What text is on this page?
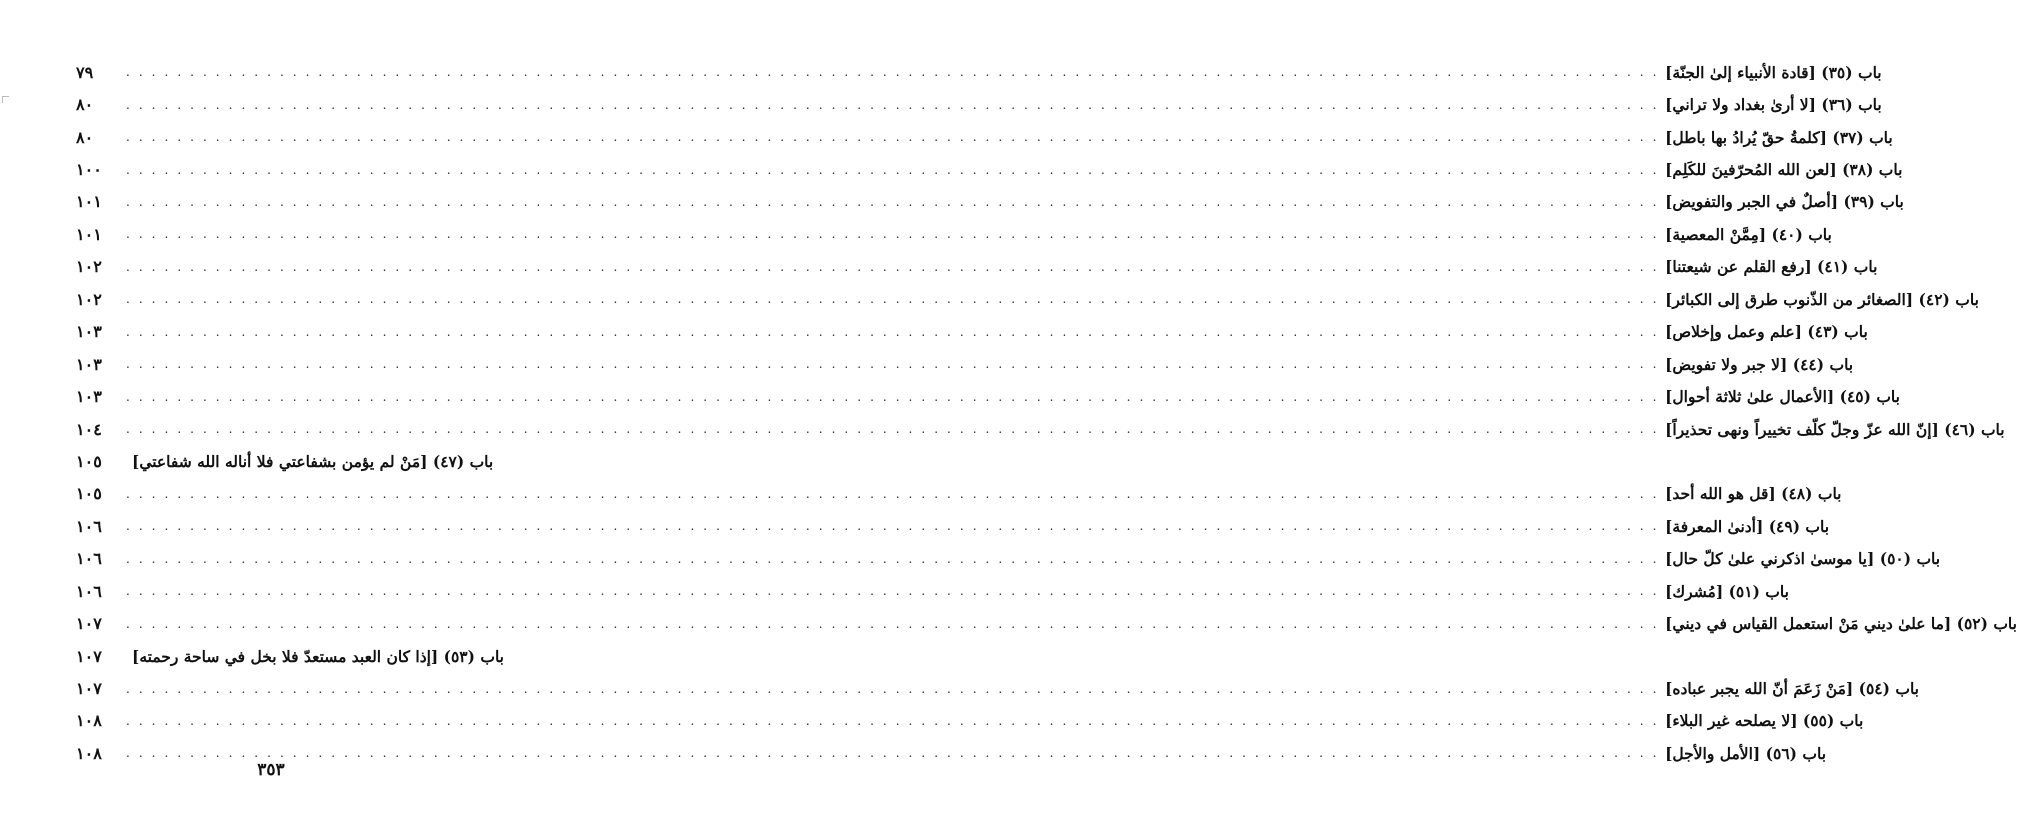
٧٩	. . . . . . . . . . . . . . . . . . . . . . . . . . . . . . . . . . . . . . . . . . . . . . . . . . . . . . . . . . . . . . . . . . . . . . . . . . . . . . . . . . . . . . . . . . . . . . . . . . . . . . . . . . . . . . . . . . . . . . . . باب (٣٥) [قادة الأنبياء إلىٰ الجنّة]
٨٠	. . . . . . . . . . . . . . . . . . . . . . . . . . . . . . . . . . . . . . . . . . . . . . . . . . . . . . . . . . . . . . . . . . . . . . . . . . . . . . . . . . . . . . . . . . . . . . . . . . . . . . . . . . . . . . . . . . . . . . . . باب (٣٦) [لا أرىٰ بغداد ولا تراني]
٨٠	. . . . . . . . . . . . . . . . . . . . . . . . . . . . . . . . . . . . . . . . . . . . . . . . . . . . . . . . . . . . . . . . . . . . . . . . . . . . . . . . . . . . . . . . . . . . . . . . . . . . . . . . . . . . . . . . . . . . . . . . باب (٣٧) [كلمةُ حقّ يُرادُ بها باطل]
١٠٠	. . . . . . . . . . . . . . . . . . . . . . . . . . . . . . . . . . . . . . . . . . . . . . . . . . . . . . . . . . . . . . . . . . . . . . . . . . . . . . . . . . . . . . . . . . . . . . . . . . . . . . . . . . . . . . . . . . . . . . . . باب (٣٨) [لعن الله المُحرّفينَ للكَلِم]
١٠١	. . . . . . . . . . . . . . . . . . . . . . . . . . . . . . . . . . . . . . . . . . . . . . . . . . . . . . . . . . . . . . . . . . . . . . . . . . . . . . . . . . . . . . . . . . . . . . . . . . . . . . . . . . . . . . . . . . . . . . . . باب (٣٩) [أصلٌ في الجبر والتفويض]
١٠١	. . . . . . . . . . . . . . . . . . . . . . . . . . . . . . . . . . . . . . . . . . . . . . . . . . . . . . . . . . . . . . . . . . . . . . . . . . . . . . . . . . . . . . . . . . . . . . . . . . . . . . . . . . . . . . . . . . . . . . . . باب (٤٠) [مِمَّنْ المعصية]
١٠٢	. . . . . . . . . . . . . . . . . . . . . . . . . . . . . . . . . . . . . . . . . . . . . . . . . . . . . . . . . . . . . . . . . . . . . . . . . . . . . . . . . . . . . . . . . . . . . . . . . . . . . . . . . . . . . . . . . . . . . . . . باب (٤١) [رفع القلم عن شيعتنا]
١٠٢	. . . . . . . . . . . . . . . . . . . . . . . . . . . . . . . . . . . . . . . . . . . . . . . . . . . . . . . . . . . . . . . . . . . . . . . . . . . . . . . . . . . . . . . . . . . . . . . . . . . . . . . . . . . . . . . . . . . . . . . . باب (٤٢) [الصغائر من الذّنوب طرق إلى الكبائر]
١٠٣	. . . . . . . . . . . . . . . . . . . . . . . . . . . . . . . . . . . . . . . . . . . . . . . . . . . . . . . . . . . . . . . . . . . . . . . . . . . . . . . . . . . . . . . . . . . . . . . . . . . . . . . . . . . . . . . . . . . . . . . . باب (٤٣) [علم وعمل وإخلاص]
١٠٣	. . . . . . . . . . . . . . . . . . . . . . . . . . . . . . . . . . . . . . . . . . . . . . . . . . . . . . . . . . . . . . . . . . . . . . . . . . . . . . . . . . . . . . . . . . . . . . . . . . . . . . . . . . . . . . . . . . . . . . . . باب (٤٤) [لا جبر ولا تفويض]
١٠٣	. . . . . . . . . . . . . . . . . . . . . . . . . . . . . . . . . . . . . . . . . . . . . . . . . . . . . . . . . . . . . . . . . . . . . . . . . . . . . . . . . . . . . . . . . . . . . . . . . . . . . . . . . . . . . . . . . . . . . . . . باب (٤٥) [الأعمال علىٰ ثلاثة أحوال]
١٠٤	. . . . . . . . . . . . . . . . . . . . . . . . . . . . . . . . . . . . . . . . . . . . . . . . . . . . . . . . . . . . . . . . . . . . . . . . . . . . . . . . . . . . . . . . . . . . . . . . . . . . . . . . . . . . . . . . . . . . . . . . باب (٤٦) [إنّ الله عزّ وجلّ كلّف تخييراً ونهى تحذيراً]
١٠٥	باب (٤٧) [مَنْ لم يؤمن بشفاعتي فلا أناله الله شفاعتي]
١٠٥	. . . . . . . . . . . . . . . . . . . . . . . . . . . . . . . . . . . . . . . . . . . . . . . . . . . . . . . . . . . . . . . . . . . . . . . . . . . . . . . . . . . . . . . . . . . . . . . . . . . . . . . . . . . . . . . . . . . . . . . . باب (٤٨) [قل هو الله أحد]
١٠٦	. . . . . . . . . . . . . . . . . . . . . . . . . . . . . . . . . . . . . . . . . . . . . . . . . . . . . . . . . . . . . . . . . . . . . . . . . . . . . . . . . . . . . . . . . . . . . . . . . . . . . . . . . . . . . . . . . . . . . . . . باب (٤٩) [أدنىٰ المعرفة]
١٠٦	. . . . . . . . . . . . . . . . . . . . . . . . . . . . . . . . . . . . . . . . . . . . . . . . . . . . . . . . . . . . . . . . . . . . . . . . . . . . . . . . . . . . . . . . . . . . . . . . . . . . . . . . . . . . . . . . . . . . . . . . باب (٥٠) [يا موسىٰ اذكرني علىٰ كلّ حال]
١٠٦	. . . . . . . . . . . . . . . . . . . . . . . . . . . . . . . . . . . . . . . . . . . . . . . . . . . . . . . . . . . . . . . . . . . . . . . . . . . . . . . . . . . . . . . . . . . . . . . . . . . . . . . . . . . . . . . . . . . . . . . . باب (٥١) [مُشرك]
١٠٧	. . . . . . . . . . . . . . . . . . . . . . . . . . . . . . . . . . . . . . . . . . . . . . . . . . . . . . . . . . . . . . . . . . . . . . . . . . . . . . . . . . . . . . . . . . . . . . . . . . . . . . . . . . . . . . . . . . . . . . . . باب (٥٢) [ما علىٰ ديني مَنْ استعمل القياس في ديني]
١٠٧	باب (٥٣) [إذا كان العبد مستعدّ فلا بخل في ساحة رحمته]
١٠٧	. . . . . . . . . . . . . . . . . . . . . . . . . . . . . . . . . . . . . . . . . . . . . . . . . . . . . . . . . . . . . . . . . . . . . . . . . . . . . . . . . . . . . . . . . . . . . . . . . . . . . . . . . . . . . . . . . . . . . . . . باب (٥٤) [مَنْ زَعَمَ أنّ الله يجبر عباده]
١٠٨	. . . . . . . . . . . . . . . . . . . . . . . . . . . . . . . . . . . . . . . . . . . . . . . . . . . . . . . . . . . . . . . . . . . . . . . . . . . . . . . . . . . . . . . . . . . . . . . . . . . . . . . . . . . . . . . . . . . . . . . . باب (٥٥) [لا يصلحه غير البلاء]
١٠٨	. . . . . . . . . . . . . . . . . . . . . . . . . . . . . . . . . . . . . . . . . . . . . . . . . . . . . . . . . . . . . . . . . . . . . . . . . . . . . . . . . . . . . . . . . . . . . . . . . . . . . . . . . . . . . . . . . . . . . . . . باب (٥٦) [الأمل والأجل]
٣٥٣
